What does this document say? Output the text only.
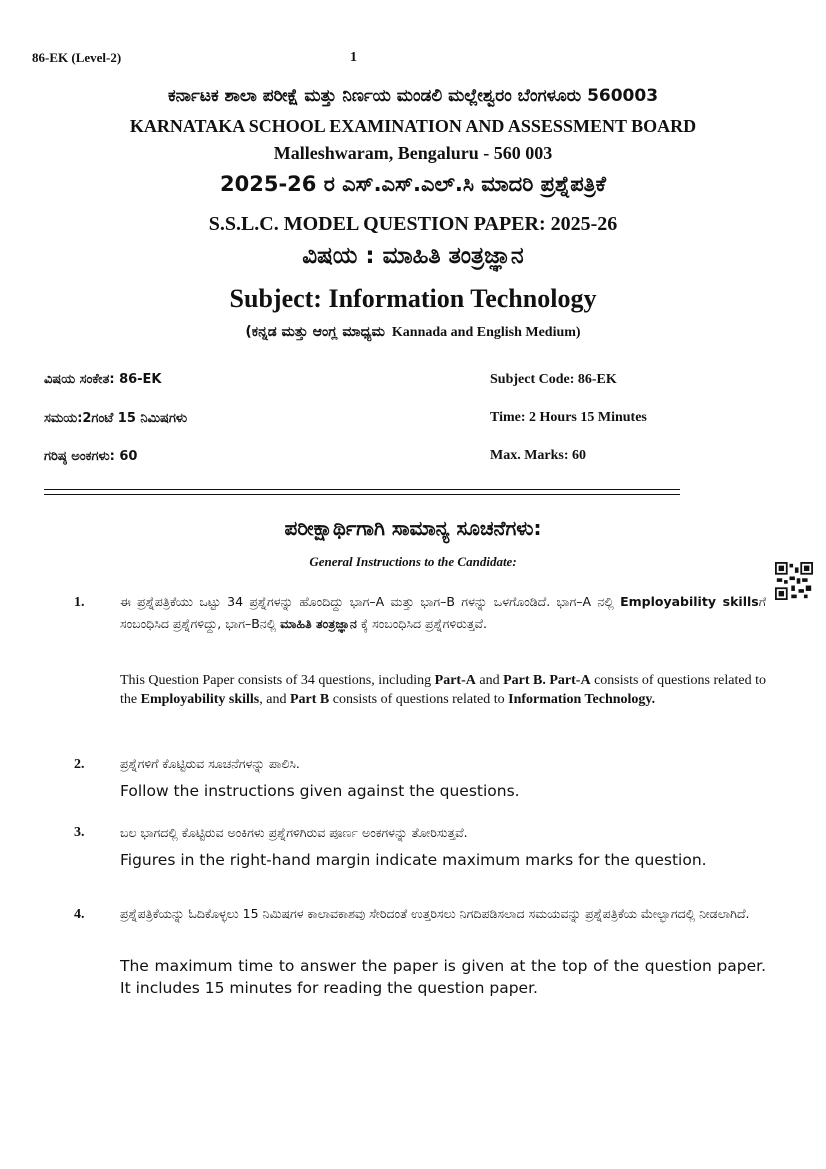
86-EK (Level-2)	1
ಕರ್ನಾಟಕ ಶಾಲಾ ಪರೀಕ್ಷೆ ಮತ್ತು ನಿರ್ಣಯ ಮಂಡಲಿ ಮಲ್ಲೇಶ್ವರಂ ಬೆಂಗಳೂರು 560003
KARNATAKA SCHOOL EXAMINATION AND ASSESSMENT BOARD
Malleshwaram, Bengaluru - 560 003
2025-26 ರ ಎಸ್.ಎಸ್.ಎಲ್.ಸಿ ಮಾದರಿ ಪ್ರಶ್ನೆಪತ್ರಿಕೆ
S.S.L.C. MODEL QUESTION PAPER: 2025-26
ವಿಷಯ : ಮಾಹಿತಿ ತಂತ್ರಜ್ಞಾನ
Subject: Information Technology
(ಕನ್ನಡ ಮತ್ತು ಆಂಗ್ಲ ಮಾಧ್ಯಮ Kannada and English Medium)
ವಿಷಯ ಸಂಕೇತ: 86-EK	Subject Code: 86-EK
ಸಮಯ:2ಗಂಟೆ 15 ನಿಮಿಷಗಳು	Time: 2 Hours 15 Minutes
ಗರಿಷ್ಠ ಅಂಕಗಳು: 60	Max. Marks: 60
ಪರೀಕ್ಷಾರ್ಥಿಗಾಗಿ ಸಾಮಾನ್ಯ ಸೂಚನೆಗಳು:
General Instructions to the Candidate:
1.	ಈ ಪ್ರಶ್ನೆಪತ್ರಿಕೆಯು ಒಟ್ಟು 34 ಪ್ರಶ್ನೆಗಳನ್ನು ಹೊಂದಿದ್ದು ಭಾಗ–A ಮತ್ತು ಭಾಗ–B ಗಳನ್ನು ಒಳಗೊಂಡಿದೆ. ಭಾಗ–A ನಲ್ಲಿ Employability skillsಗೆ ಸಂಬಂಧಿಸಿದ ಪ್ರಶ್ನೆಗಳಿದ್ದು, ಭಾಗ–Bನಲ್ಲಿ ಮಾಹಿತಿ ತಂತ್ರಜ್ಞಾನ ಕ್ಕೆ ಸಂಬಂಧಿಸಿದ ಪ್ರಶ್ನೆಗಳಿರುತ್ತವೆ.
This Question Paper consists of 34 questions, including Part-A and Part B. Part-A consists of questions related to the Employability skills, and Part B consists of questions related to Information Technology.
2.	ಪ್ರಶ್ನೆಗಳಿಗೆ ಕೊಟ್ಟಿರುವ ಸೂಚನೆಗಳನ್ನು ಪಾಲಿಸಿ.
Follow the instructions given against the questions.
3.	ಬಲ ಭಾಗದಲ್ಲಿ ಕೊಟ್ಟಿರುವ ಅಂಕಿಗಳು ಪ್ರಶ್ನೆಗಳಿಗಿರುವ ಪೂರ್ಣ ಅಂಕಗಳನ್ನು ತೋರಿಸುತ್ತವೆ.
Figures in the right-hand margin indicate maximum marks for the question.
4.	ಪ್ರಶ್ನೆಪತ್ರಿಕೆಯನ್ನು ಓದಿಕೊಳ್ಳಲು 15 ನಿಮಿಷಗಳ ಕಾಲಾವಕಾಶವು ಸೇರಿದಂತೆ ಉತ್ತರಿಸಲು ನಿಗದಿಪಡಿಸಲಾದ ಸಮಯವನ್ನು ಪ್ರಶ್ನೆಪತ್ರಿಕೆಯ ಮೇಲ್ಭಾಗದಲ್ಲಿ ನೀಡಲಾಗಿದೆ.
The maximum time to answer the paper is given at the top of the question paper. It includes 15 minutes for reading the question paper.
